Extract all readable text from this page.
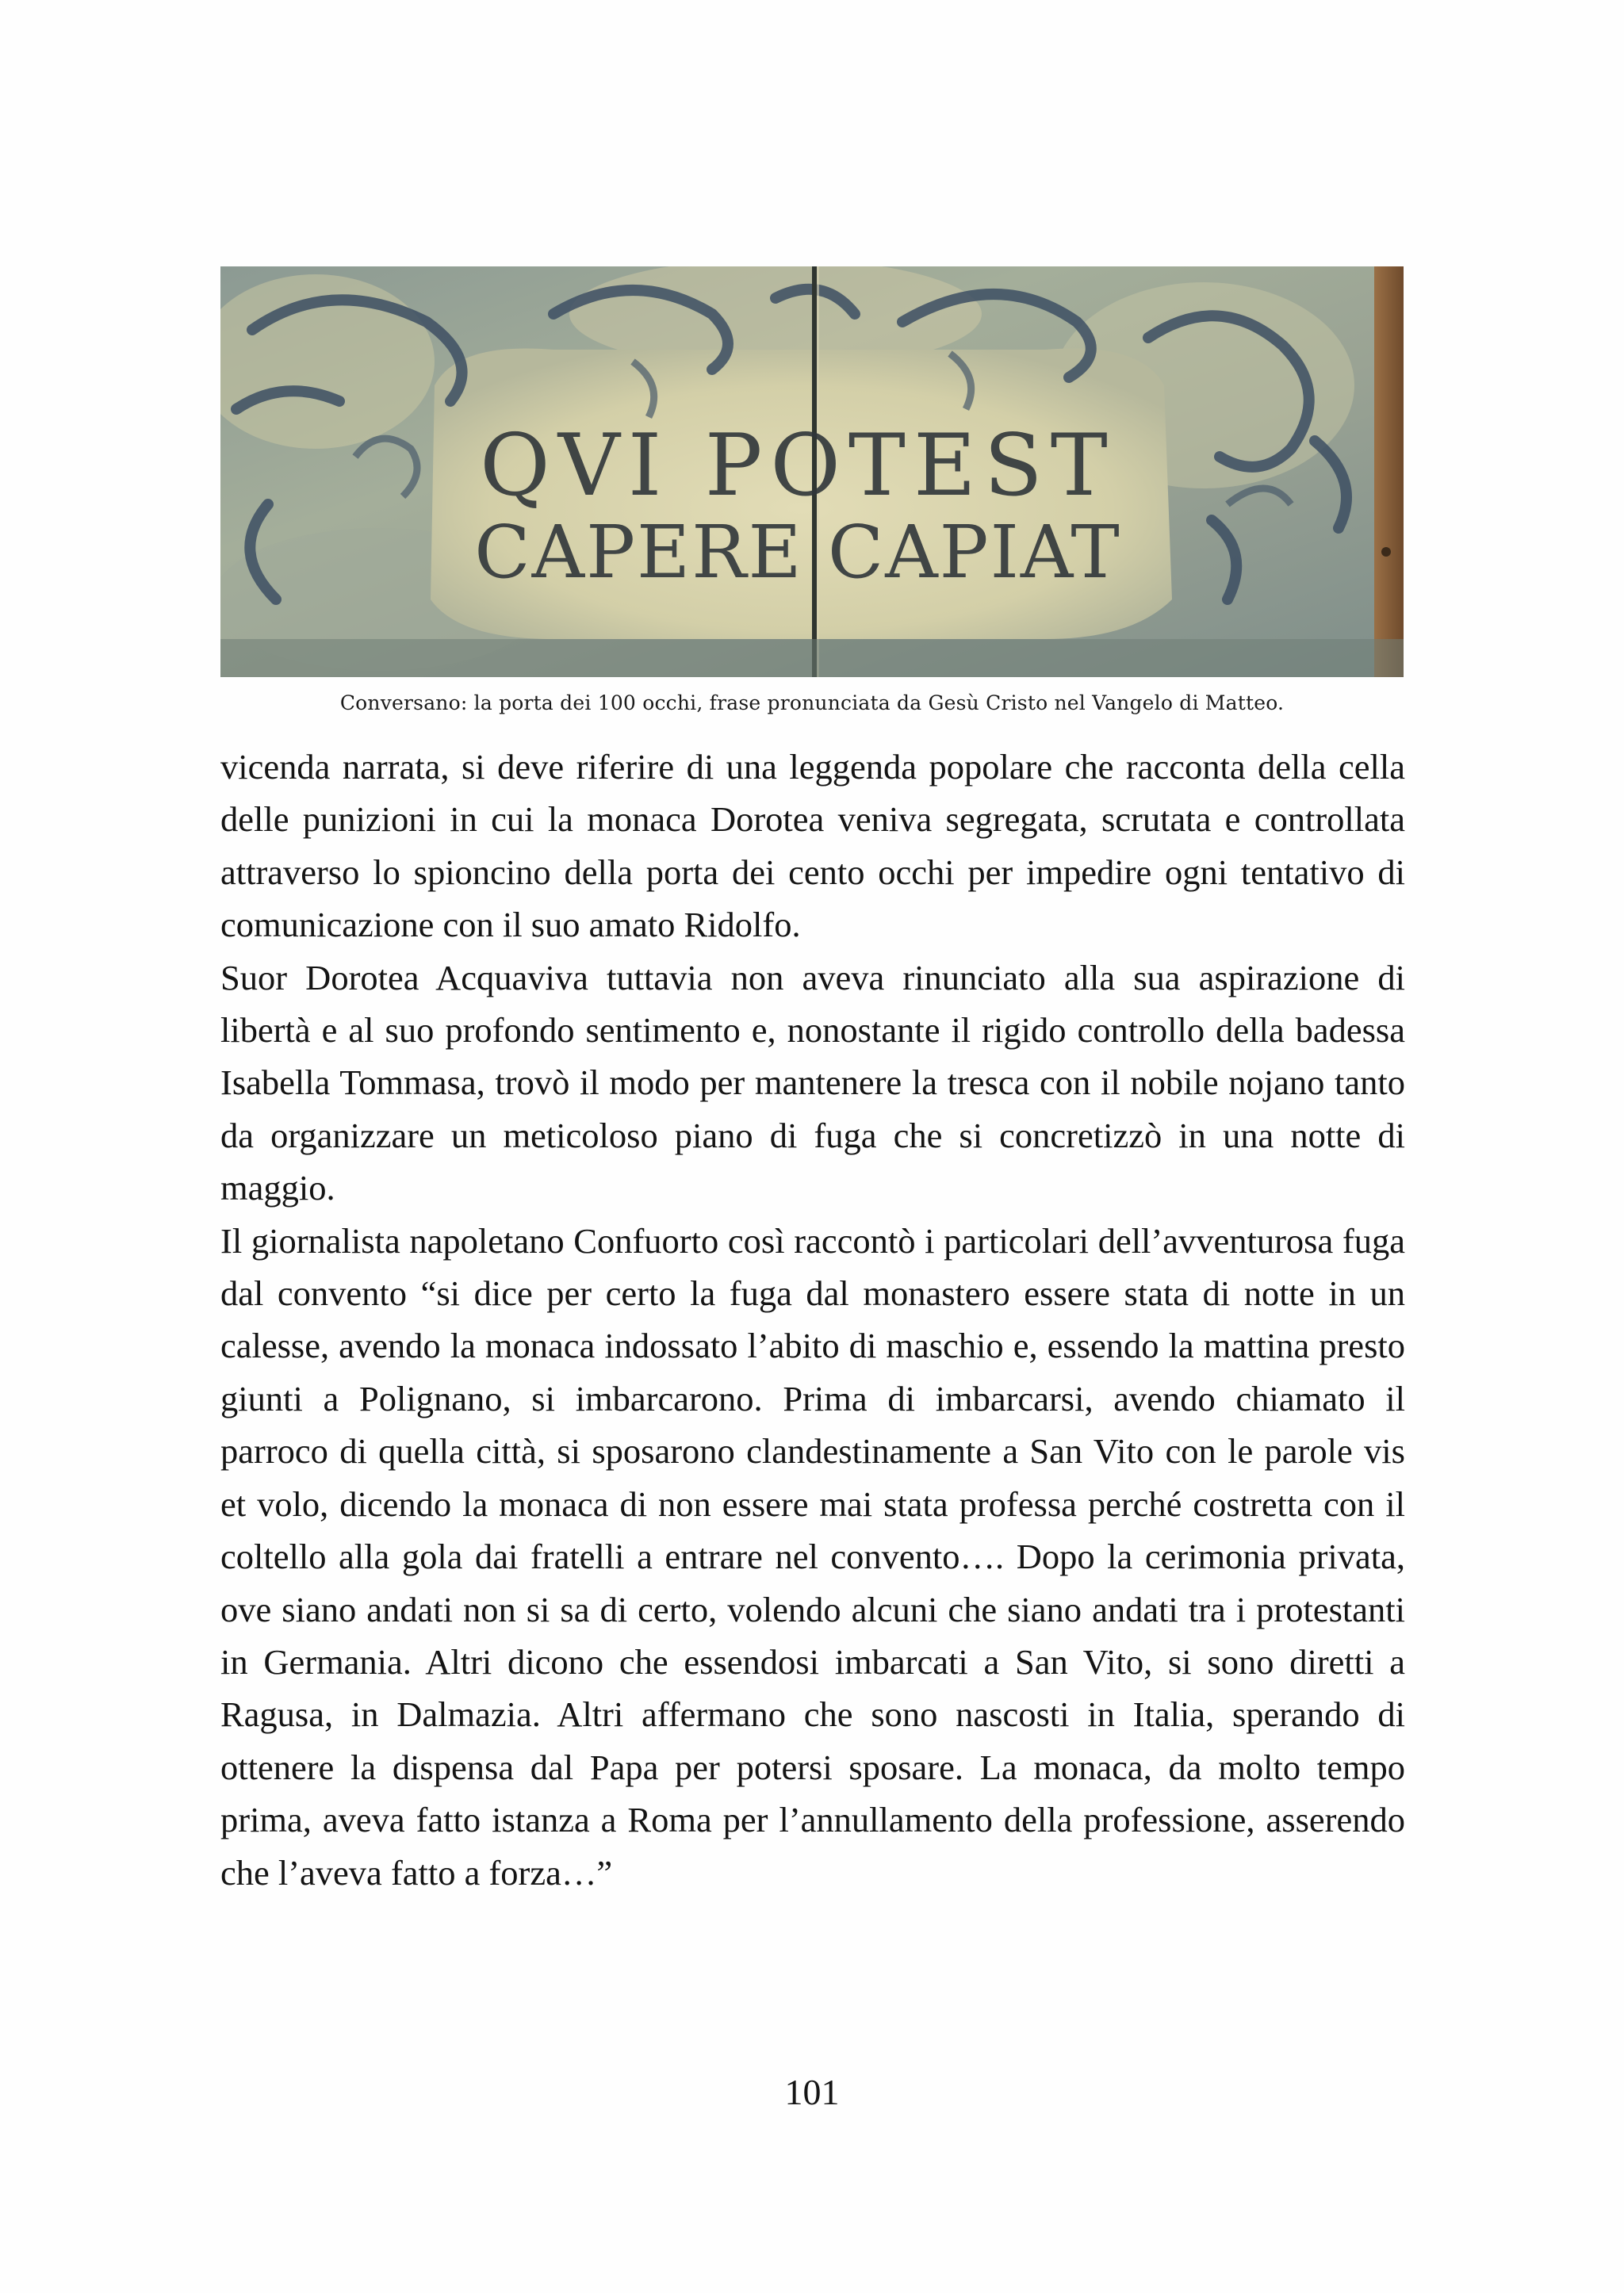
QVI POTEST
CAPERE CAPIAT
Conversano: la porta dei 100 occhi, frase pronunciata da Gesù Cristo nel Vangelo di Matteo.

vicenda narrata, si deve riferire di una leggenda popolare che racconta della cella delle punizioni in cui la monaca Dorotea veniva segregata, scrutata e controllata attraverso lo spioncino della porta dei cento occhi per impedire ogni tentativo di comunicazione con il suo amato Ridolfo.

Suor Dorotea Acquaviva tuttavia non aveva rinunciato alla sua aspirazione di libertà e al suo profondo sentimento e, nonostante il rigido controllo della badessa Isabella Tommasa, trovò il modo per mantenere la tresca con il nobile nojano tanto da organizzare un meticoloso piano di fuga che si concretizzò in una notte di maggio.

Il giornalista napoletano Confuorto così raccontò i particolari dell’avventurosa fuga dal convento “si dice per certo la fuga dal monastero essere stata di notte in un calesse, avendo la monaca indossato l’abito di maschio e, essendo la mattina presto giunti a Polignano, si imbarcarono. Prima di imbarcarsi, avendo chiamato il parroco di quella città, si sposarono clandestinamente a San Vito con le parole vis et volo, dicendo la monaca di non essere mai stata professa perché costretta con il coltello alla gola dai fratelli a entrare nel convento…. Dopo la cerimonia privata, ove siano andati non si sa di certo, volendo alcuni che siano andati tra i protestanti in Germania. Altri dicono che essendosi imbarcati a San Vito, si sono diretti a Ragusa, in Dalmazia. Altri affermano che sono nascosti in Italia, sperando di ottenere la dispensa dal Papa per potersi sposare. La monaca, da molto tempo prima, aveva fatto istanza a Roma per l’annullamento della professione, asserendo che l’aveva fatto a forza…”

101
